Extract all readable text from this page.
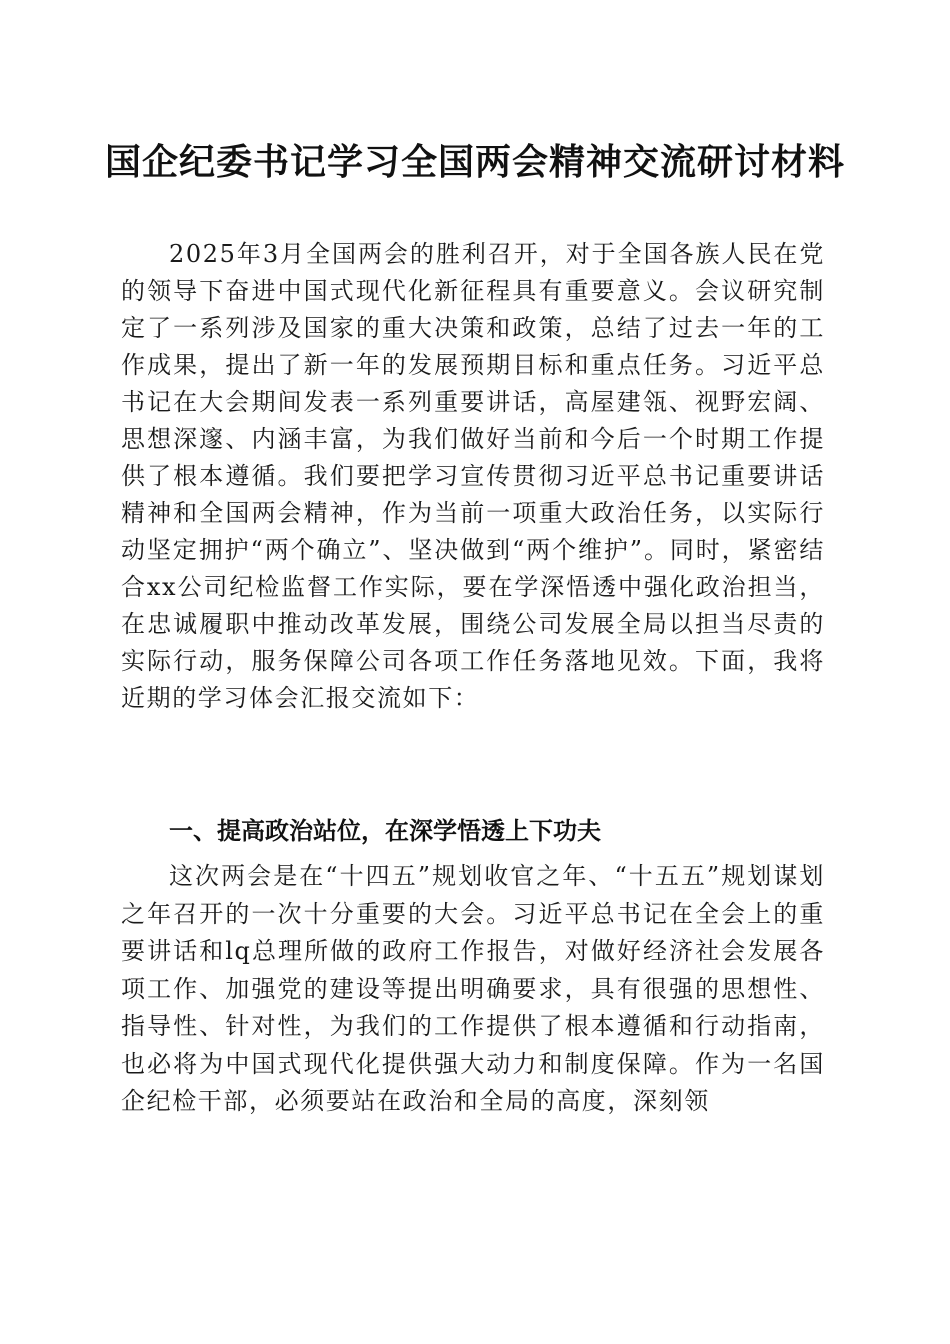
国企纪委书记学习全国两会精神交流研讨材料

2025年3月全国两会的胜利召开，对于全国各族人民在党的领导下奋进中国式现代化新征程具有重要意义。会议研究制定了一系列涉及国家的重大决策和政策，总结了过去一年的工作成果，提出了新一年的发展预期目标和重点任务。习近平总书记在大会期间发表一系列重要讲话，高屋建瓴、视野宏阔、思想深邃、内涵丰富，为我们做好当前和今后一个时期工作提供了根本遵循。我们要把学习宣传贯彻习近平总书记重要讲话精神和全国两会精神，作为当前一项重大政治任务，以实际行动坚定拥护“两个确立”、坚决做到“两个维护”。同时，紧密结合xx公司纪检监督工作实际，要在学深悟透中强化政治担当，在忠诚履职中推动改革发展，围绕公司发展全局以担当尽责的实际行动，服务保障公司各项工作任务落地见效。下面，我将近期的学习体会汇报交流如下：

一、提高政治站位，在深学悟透上下功夫

这次两会是在“十四五”规划收官之年、“十五五”规划谋划之年召开的一次十分重要的大会。习近平总书记在全会上的重要讲话和lq总理所做的政府工作报告，对做好经济社会发展各项工作、加强党的建设等提出明确要求，具有很强的思想性、指导性、针对性，为我们的工作提供了根本遵循和行动指南，也必将为中国式现代化提供强大动力和制度保障。作为一名国企纪检干部，必须要站在政治和全局的高度，深刻领
